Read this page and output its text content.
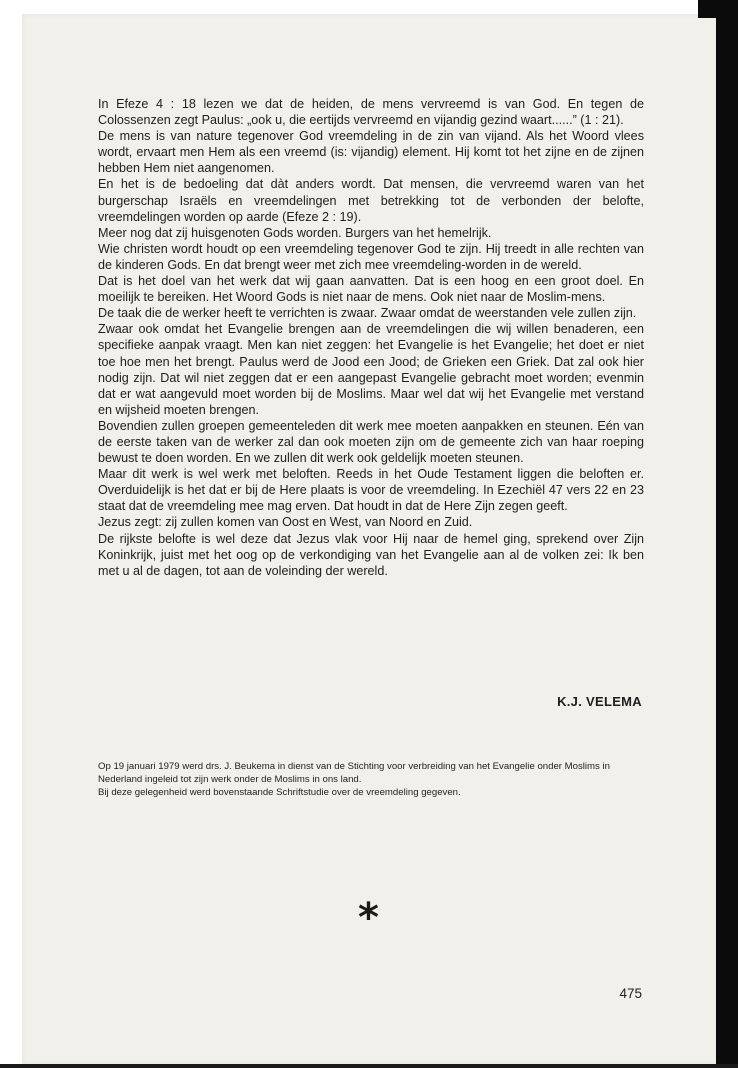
In Efeze 4 : 18 lezen we dat de heiden, de mens vervreemd is van God. En tegen de Colossenzen zegt Paulus: „ook u, die eertijds vervreemd en vijandig gezind waart......” (1 : 21).

De mens is van nature tegenover God vreemdeling in de zin van vijand. Als het Woord vlees wordt, ervaart men Hem als een vreemd (is: vijandig) element. Hij komt tot het zijne en de zijnen hebben Hem niet aangenomen.

En het is de bedoeling dat dàt anders wordt. Dat mensen, die vervreemd waren van het burgerschap Israëls en vreemdelingen met betrekking tot de verbonden der belofte, vreemdelingen worden op aarde (Efeze 2 : 19).

Meer nog dat zij huisgenoten Gods worden. Burgers van het hemelrijk.

Wie christen wordt houdt op een vreemdeling tegenover God te zijn. Hij treedt in alle rechten van de kinderen Gods. En dat brengt weer met zich mee vreemdeling-worden in de wereld.

Dat is het doel van het werk dat wij gaan aanvatten. Dat is een hoog en een groot doel. En moeilijk te bereiken. Het Woord Gods is niet naar de mens. Ook niet naar de Moslim-mens.

De taak die de werker heeft te verrichten is zwaar. Zwaar omdat de weerstanden vele zullen zijn.

Zwaar ook omdat het Evangelie brengen aan de vreemdelingen die wij willen benaderen, een specifieke aanpak vraagt. Men kan niet zeggen: het Evangelie is het Evangelie; het doet er niet toe hoe men het brengt. Paulus werd de Jood een Jood; de Grieken een Griek. Dat zal ook hier nodig zijn. Dat wil niet zeggen dat er een aangepast Evangelie gebracht moet worden; evenmin dat er wat aangevuld moet worden bij de Moslims. Maar wel dat wij het Evangelie met verstand en wijsheid moeten brengen.

Bovendien zullen groepen gemeenteleden dit werk mee moeten aanpakken en steunen. Eén van de eerste taken van de werker zal dan ook moeten zijn om de gemeente zich van haar roeping bewust te doen worden. En we zullen dit werk ook geldelijk moeten steunen.

Maar dit werk is wel werk met beloften. Reeds in het Oude Testament liggen die beloften er. Overduidelijk is het dat er bij de Here plaats is voor de vreemdeling. In Ezechiël 47 vers 22 en 23 staat dat de vreemdeling mee mag erven. Dat houdt in dat de Here Zijn zegen geeft.

Jezus zegt: zij zullen komen van Oost en West, van Noord en Zuid.

De rijkste belofte is wel deze dat Jezus vlak voor Hij naar de hemel ging, sprekend over Zijn Koninkrijk, juist met het oog op de verkondiging van het Evangelie aan al de volken zei: Ik ben met u al de dagen, tot aan de voleinding der wereld.

K.J. VELEMA

Op 19 januari 1979 werd drs. J. Beukema in dienst van de Stichting voor verbreiding van het Evangelie onder Moslims in Nederland ingeleid tot zijn werk onder de Moslims in ons land.

Bij deze gelegenheid werd bovenstaande Schriftstudie over de vreemdeling gegeven.

*
475
